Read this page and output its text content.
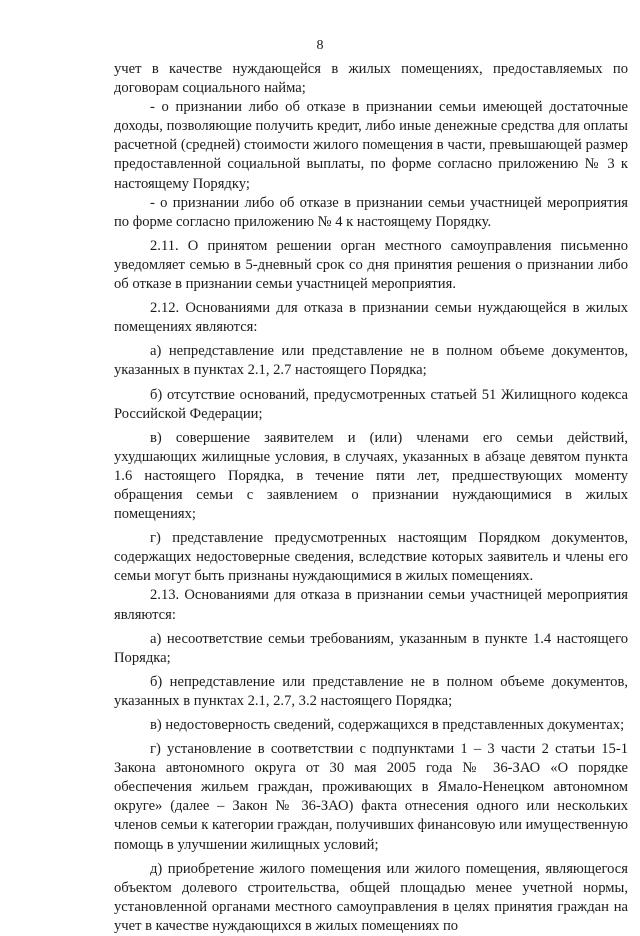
8

учет в качестве нуждающейся в жилых помещениях, предоставляемых по договорам социального найма;

- о признании либо об отказе в признании семьи имеющей достаточные доходы, позволяющие получить кредит, либо иные денежные средства для оплаты расчетной (средней) стоимости жилого помещения в части, превышающей размер предоставленной социальной выплаты, по форме согласно приложению № 3 к настоящему Порядку;

- о признании либо об отказе в признании семьи участницей мероприятия по форме согласно приложению № 4 к настоящему Порядку.

2.11. О принятом решении орган местного самоуправления письменно уведомляет семью в 5-дневный срок со дня принятия решения о признании либо об отказе в признании семьи участницей мероприятия.

2.12. Основаниями для отказа в признании семьи нуждающейся в жилых помещениях являются:

а) непредставление или представление не в полном объеме документов, указанных в пунктах 2.1, 2.7 настоящего Порядка;

б) отсутствие оснований, предусмотренных статьей 51 Жилищного кодекса Российской Федерации;

в) совершение заявителем и (или) членами его семьи действий, ухудшающих жилищные условия, в случаях, указанных в абзаце девятом пункта 1.6 настоящего Порядка, в течение пяти лет, предшествующих моменту обращения семьи с заявлением о признании нуждающимися в жилых помещениях;

г) представление предусмотренных настоящим Порядком документов, содержащих недостоверные сведения, вследствие которых заявитель и члены его семьи могут быть признаны нуждающимися в жилых помещениях.

2.13. Основаниями для отказа в признании семьи участницей мероприятия являются:

а) несоответствие семьи требованиям, указанным в пункте 1.4 настоящего Порядка;

б) непредставление или представление не в полном объеме документов, указанных в пунктах 2.1, 2.7, 3.2 настоящего Порядка;

в) недостоверность сведений, содержащихся в представленных документах;

г) установление в соответствии с подпунктами 1 – 3 части 2 статьи 15-1 Закона автономного округа от 30 мая 2005 года № 36-ЗАО «О порядке обеспечения жильем граждан, проживающих в Ямало-Ненецком автономном округе» (далее – Закон № 36-ЗАО) факта отнесения одного или нескольких членов семьи к категории граждан, получивших финансовую или имущественную помощь в улучшении жилищных условий;

д) приобретение жилого помещения или жилого помещения, являющегося объектом долевого строительства, общей площадью менее учетной нормы, установленной органами местного самоуправления в целях принятия граждан на учет в качестве нуждающихся в жилых помещениях по
